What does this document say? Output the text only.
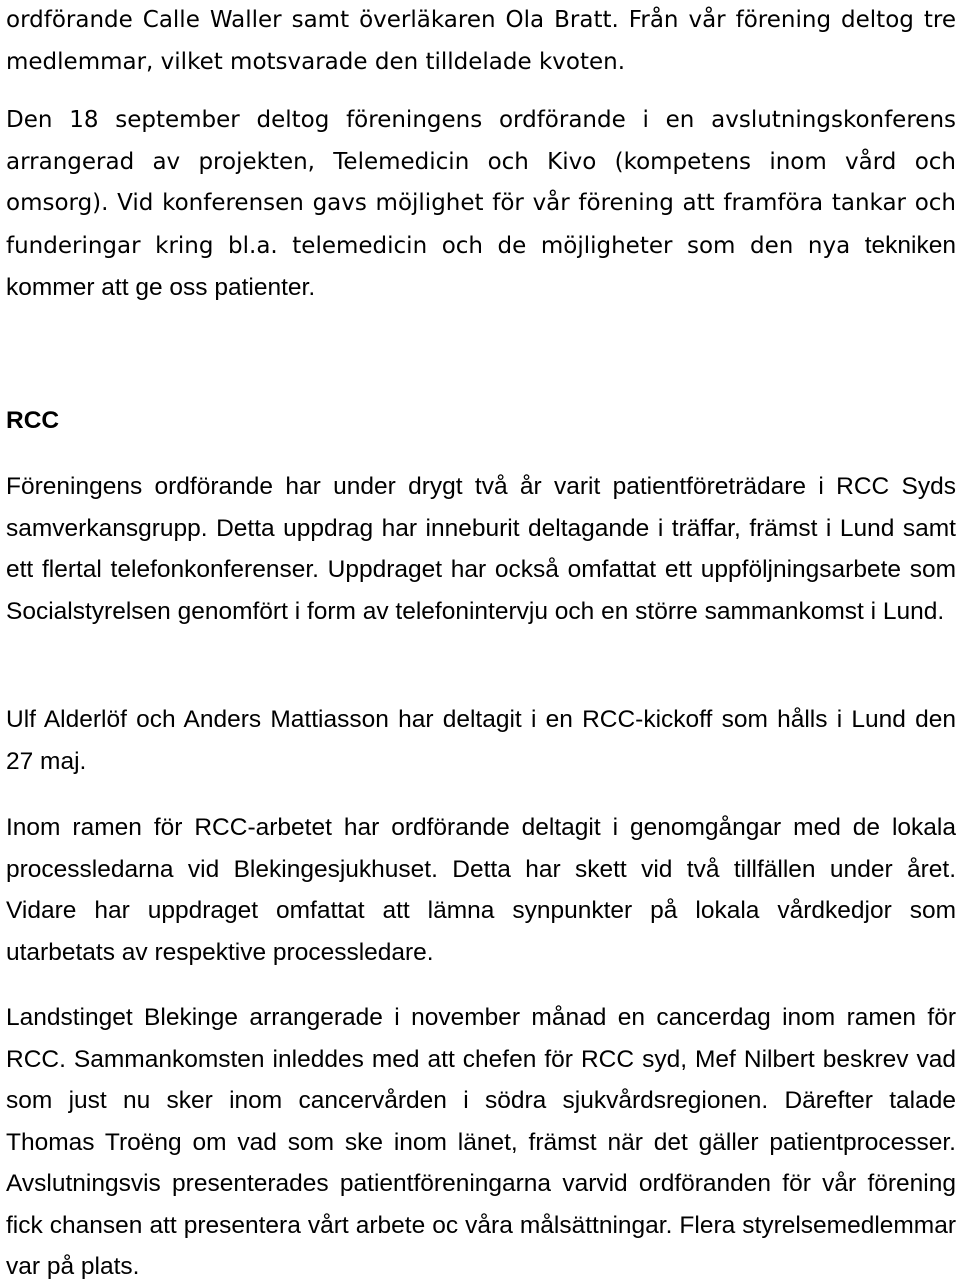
ordförande Calle Waller samt överläkaren Ola Bratt. Från vår förening deltog tre medlemmar, vilket motsvarade den tilldelade kvoten.

Den 18 september deltog föreningens ordförande i en avslutningskonferens arrangerad av projekten, Telemedicin och Kivo (kompetens inom vård och omsorg). Vid konferensen gavs möjlighet för vår förening att framföra tankar och funderingar kring bl.a. telemedicin och de möjligheter som den nya tekniken kommer att ge oss patienter.
RCC

Föreningens ordförande har under drygt två år varit patientföreträdare i RCC Syds samverkansgrupp. Detta uppdrag har inneburit deltagande i träffar, främst i Lund samt ett flertal telefonkonferenser. Uppdraget har också omfattat ett uppföljningsarbete som Socialstyrelsen genomfört i form av telefonintervju och en större sammankomst i Lund.

Ulf Alderlöf och Anders Mattiasson har deltagit i en RCC-kickoff som hålls i Lund den 27 maj.

Inom ramen för RCC-arbetet har ordförande deltagit i genomgångar med de lokala processledarna vid Blekingesjukhuset. Detta har skett vid två tillfällen under året. Vidare har uppdraget omfattat att lämna synpunkter på lokala vårdkedjor som utarbetats av respektive processledare.

Landstinget Blekinge arrangerade i november månad en cancerdag inom ramen för RCC. Sammankomsten inleddes med att chefen för RCC syd, Mef Nilbert beskrev vad som just nu sker inom cancervården i södra sjukvårdsregionen. Därefter talade Thomas Troëng om vad som ske inom länet, främst när det gäller patientprocesser. Avslutningsvis presenterades patientföreningarna varvid ordföranden för vår förening fick chansen att presentera vårt arbete oc våra målsättningar. Flera styrelsemedlemmar var på plats.
